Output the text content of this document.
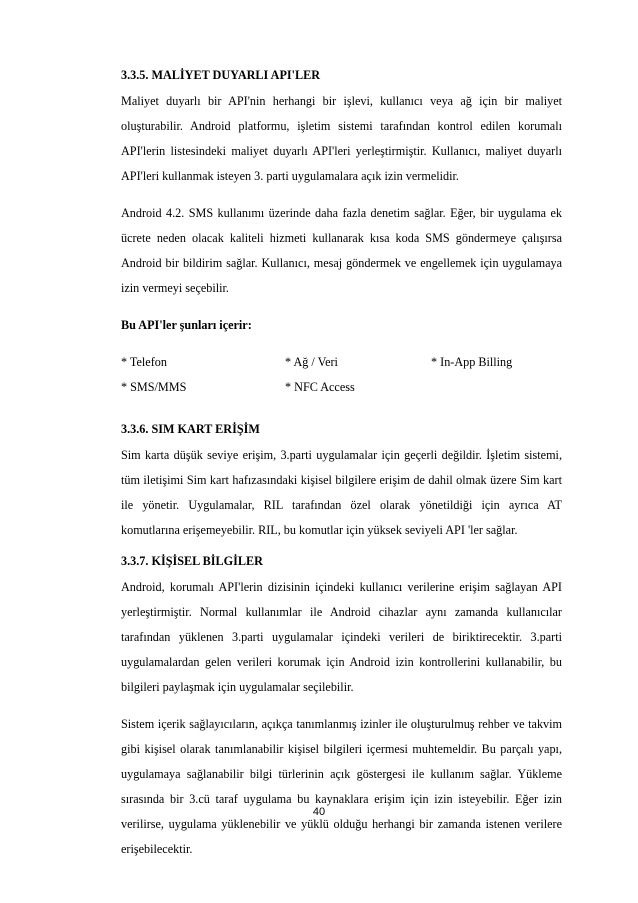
3.3.5. MALİYET DUYARLI API'LER

Maliyet duyarlı bir API'nin herhangi bir işlevi, kullanıcı veya ağ için bir maliyet oluşturabilir. Android platformu, işletim sistemi tarafından kontrol edilen korumalı API'lerin listesindeki maliyet duyarlı API'leri yerleştirmiştir. Kullanıcı, maliyet duyarlı API'leri kullanmak isteyen 3. parti uygulamalara açık izin vermelidir.

Android 4.2. SMS kullanımı üzerinde daha fazla denetim sağlar. Eğer, bir uygulama ek ücrete neden olacak kaliteli hizmeti kullanarak kısa koda SMS göndermeye çalışırsa Android bir bildirim sağlar. Kullanıcı, mesaj göndermek ve engellemek için uygulamaya izin vermeyi seçebilir.

Bu API'ler şunları içerir:

* Telefon	* Ağ / Veri	* In-App Billing
* SMS/MMS	* NFC Access
3.3.6. SIM KART ERİŞİM

Sim karta düşük seviye erişim, 3.parti uygulamalar için geçerli değildir. İşletim sistemi, tüm iletişimi Sim kart hafızasındaki kişisel bilgilere erişim de dahil olmak üzere Sim kart ile yönetir. Uygulamalar, RIL tarafından özel olarak yönetildiği için ayrıca AT komutlarına erişemeyebilir. RIL, bu komutlar için yüksek seviyeli API 'ler sağlar.

3.3.7. KİŞİSEL BİLGİLER

Android, korumalı API'lerin dizisinin içindeki kullanıcı verilerine erişim sağlayan API yerleştirmiştir. Normal kullanımlar ile Android cihazlar aynı zamanda kullanıcılar tarafından yüklenen 3.parti uygulamalar içindeki verileri de biriktirecektir. 3.parti uygulamalardan gelen verileri korumak için Android izin kontrollerini kullanabilir, bu bilgileri paylaşmak için uygulamalar seçilebilir.

Sistem içerik sağlayıcıların, açıkça tanımlanmış izinler ile oluşturulmuş rehber ve takvim gibi kişisel olarak tanımlanabilir kişisel bilgileri içermesi muhtemeldir. Bu parçalı yapı, uygulamaya sağlanabilir bilgi türlerinin açık göstergesi ile kullanım sağlar. Yükleme sırasında bir 3.cü taraf uygulama bu kaynaklara erişim için izin isteyebilir. Eğer izin verilirse, uygulama yüklenebilir ve yüklü olduğu herhangi bir zamanda istenen verilere erişebilecektir.

40
